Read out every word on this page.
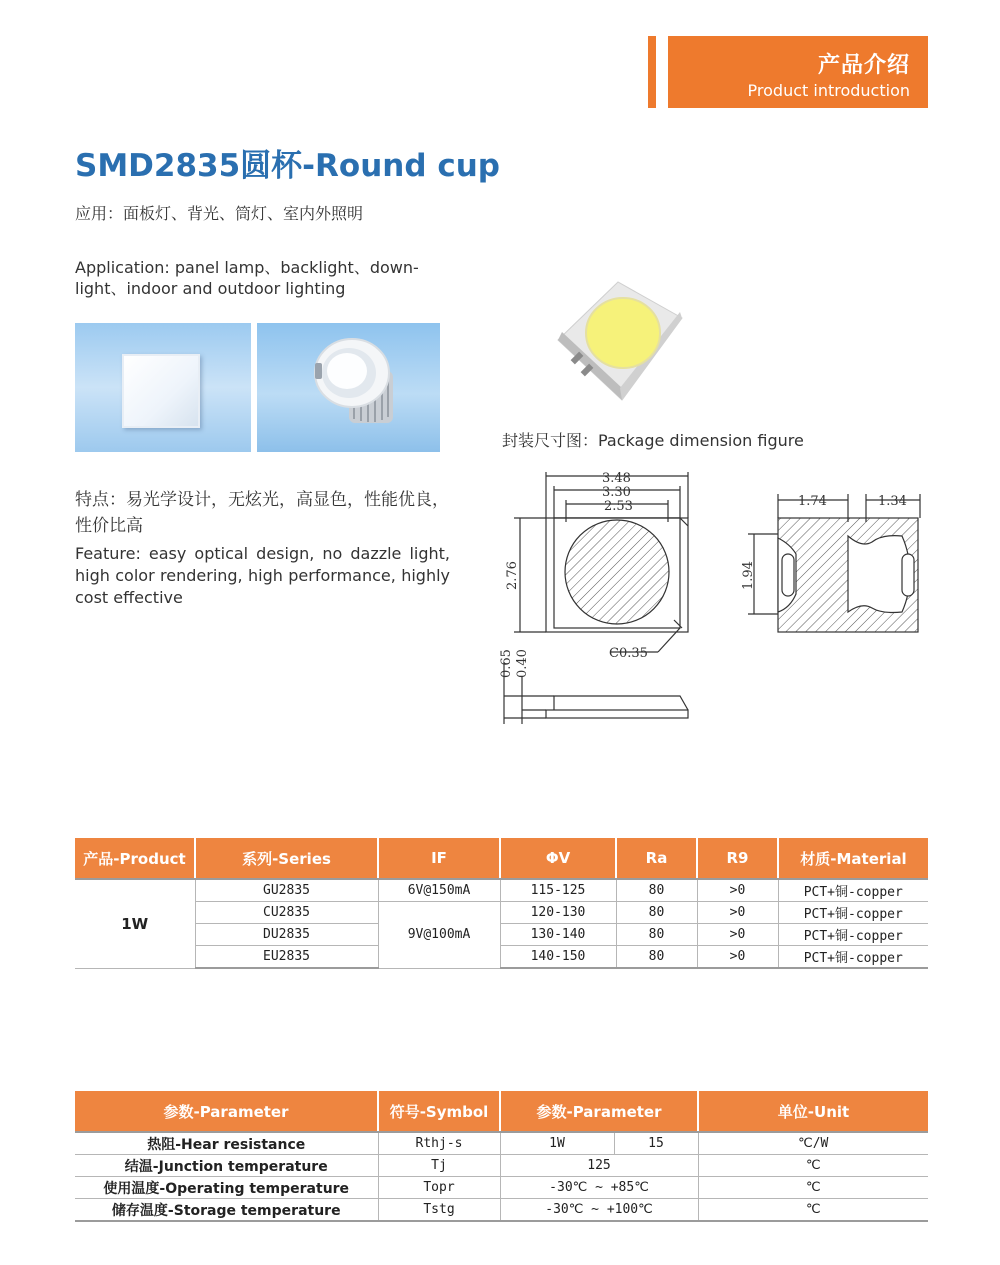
产品介绍
Product introduction
SMD2835圆杯-Round cup
应用：面板灯、背光、筒灯、室内外照明
Application: panel lamp、backlight、down-light、indoor and outdoor lighting
特点：易光学设计，无炫光，高显色，性能优良，性价比高
Feature: easy optical design, no dazzle light, high color rendering, high performance, highly cost effective
封装尺寸图：Package dimension figure
3.48
3.30
2.53
2.76
C0.35
0.65 0.40
1.74	1.34
1.94
产品-Product	系列-Series	IF	ΦV	Ra	R9	材质-Material
1W	GU2835	6V@150mA	115-125	80	>0	PCT+铜-copper
	CU2835	9V@100mA	120-130	80	>0	PCT+铜-copper
	DU2835		130-140	80	>0	PCT+铜-copper
	EU2835		140-150	80	>0	PCT+铜-copper
参数-Parameter	符号-Symbol	参数-Parameter		单位-Unit
热阻-Hear resistance	Rthj-s	1W	15	℃/W
结温-Junction temperature	Tj	125		℃
使用温度-Operating temperature	Topr	-30℃ ~ +85℃		℃
储存温度-Storage temperature	Tstg	-30℃ ~ +100℃		℃
